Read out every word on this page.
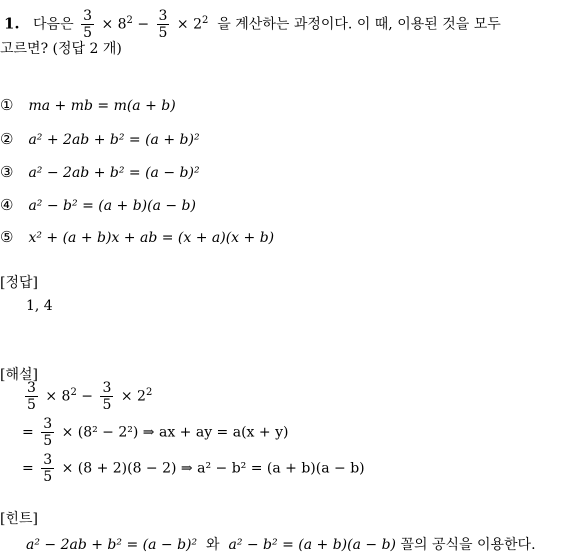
1. 다음은 $\frac{3}{5} \times 8^2 - \frac{3}{5} \times 2^2$ 을 계산하는 과정이다. 이 때, 이용된 것을 모두
고르면? (정답 2 개)
① ma + mb = m(a + b)
② a² + 2ab + b² = (a + b)²
③ a² − 2ab + b² = (a − b)²
④ a² − b² = (a + b)(a − b)
⑤ x² + (a + b)x + ab = (x + a)(x + b)
[정답]
1, 4
[해설]
$\frac{3}{5} \times 8^2 - \frac{3}{5} \times 2^2$
= $\frac{3}{5} \times (8^2 - 2^2)$ ⇒ ax + ay = a(x + y)
= $\frac{3}{5} \times (8 + 2)(8 - 2)$ ⇒ a² − b² = (a + b)(a − b)
[힌트]
a² − 2ab + b² = (a − b)² 와 a² − b² = (a + b)(a − b) 꼴의 공식을 이용한다.
